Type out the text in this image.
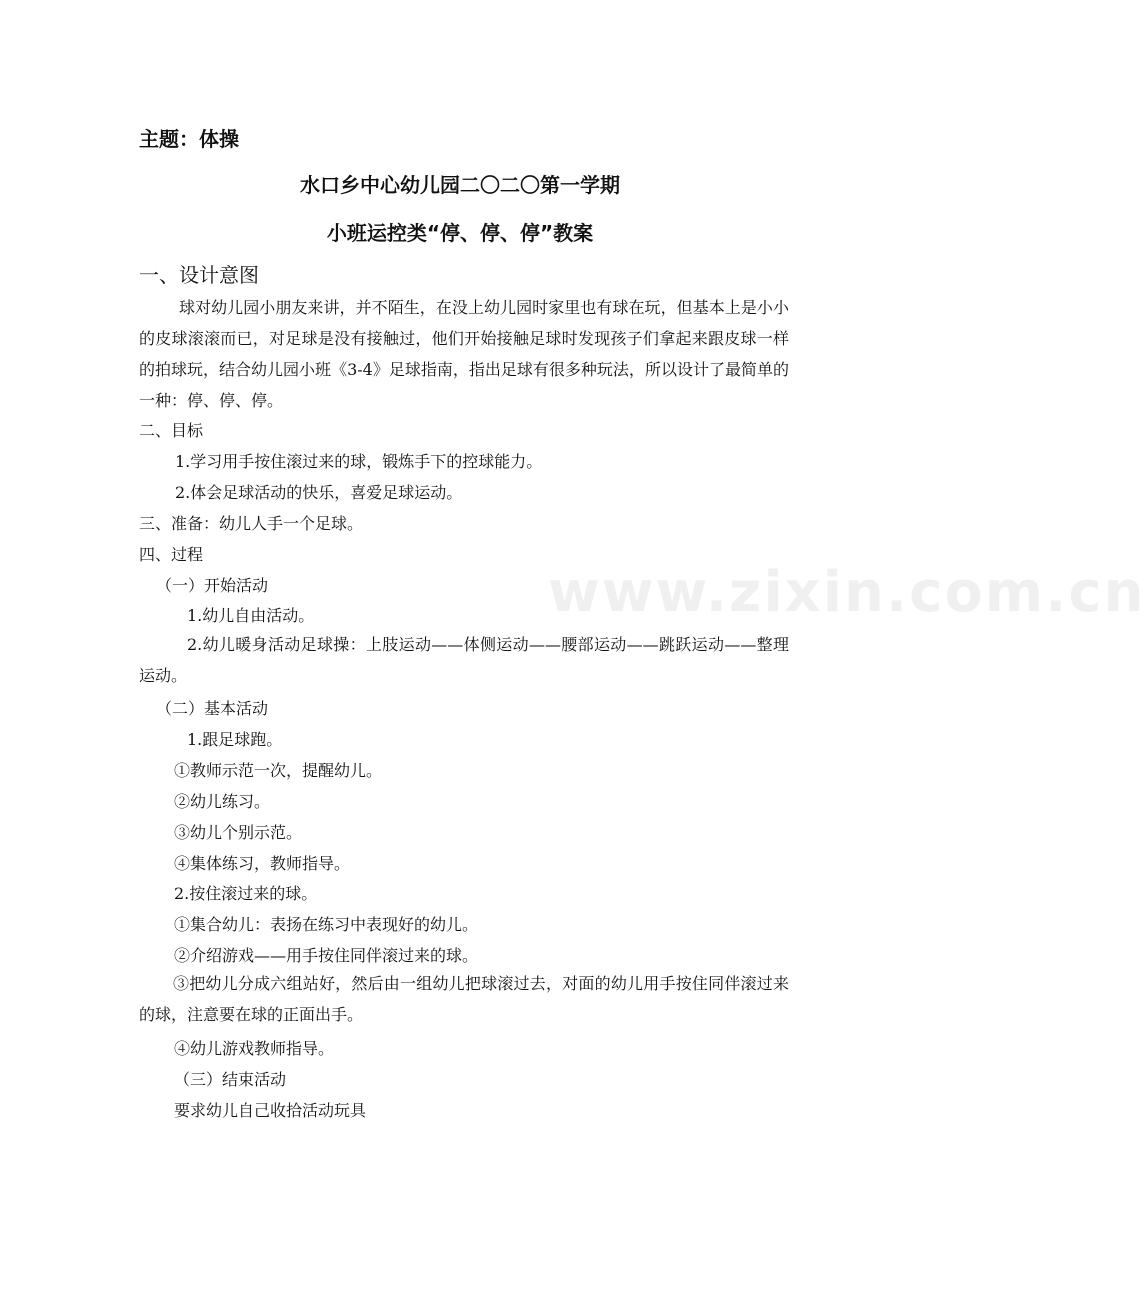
主题：体操
水口乡中心幼儿园二〇二〇第一学期
小班运控类“停、停、停”教案
一、设计意图
球对幼儿园小朋友来讲，并不陌生，在没上幼儿园时家里也有球在玩，但基本上是小小的皮球滚滚而已，对足球是没有接触过，他们开始接触足球时发现孩子们拿起来跟皮球一样的拍球玩，结合幼儿园小班《3-4》足球指南，指出足球有很多种玩法，所以设计了最简单的一种：停、停、停。
二、目标
1.学习用手按住滚过来的球，锻炼手下的控球能力。
2.体会足球活动的快乐，喜爱足球运动。
三、准备：幼儿人手一个足球。
四、过程
（一）开始活动
1.幼儿自由活动。
2.幼儿暖身活动足球操：上肢运动——体侧运动——腰部运动——跳跃运动——整理运动。
（二）基本活动
1.跟足球跑。
①教师示范一次，提醒幼儿。
②幼儿练习。
③幼儿个别示范。
④集体练习，教师指导。
2.按住滚过来的球。
①集合幼儿：表扬在练习中表现好的幼儿。
②介绍游戏——用手按住同伴滚过来的球。
③把幼儿分成六组站好，然后由一组幼儿把球滚过去，对面的幼儿用手按住同伴滚过来的球，注意要在球的正面出手。
④幼儿游戏教师指导。
（三）结束活动
要求幼儿自己收拾活动玩具
www.zixin.com.cn
